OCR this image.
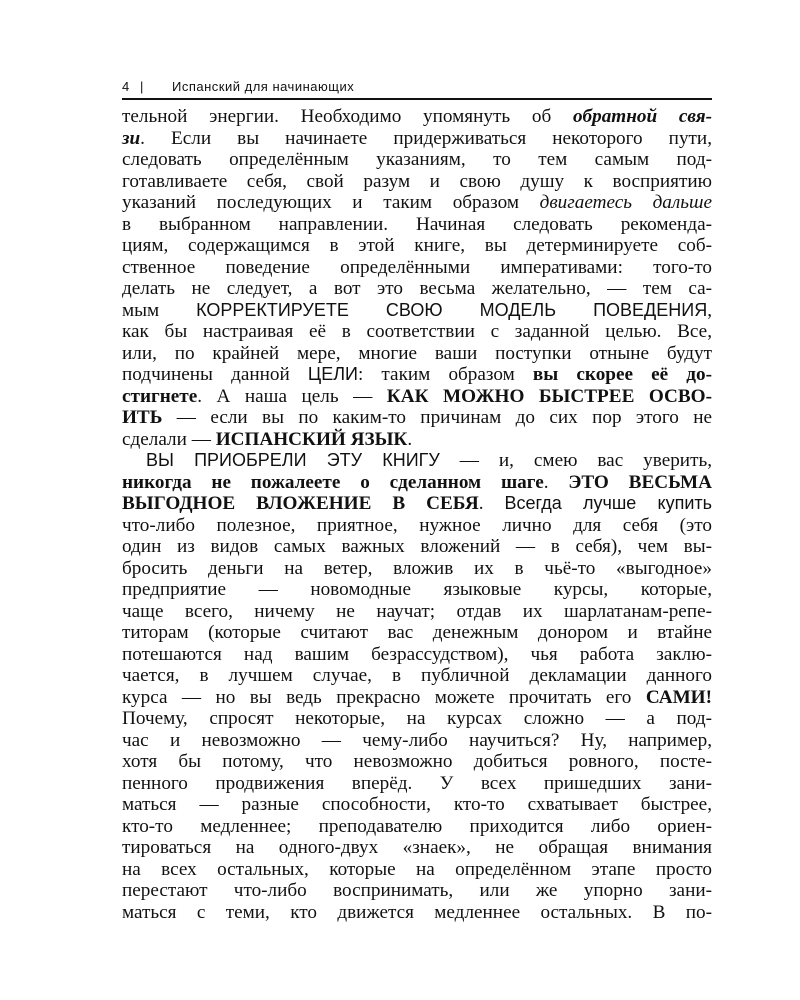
4 |	Испанский для начинающих
тельной энергии. Необходимо упомянуть об обратной свя-
зи. Если вы начинаете придерживаться некоторого пути,
следовать определённым указаниям, то тем самым под-
готавливаете себя, свой разум и свою душу к восприятию
указаний последующих и таким образом двигаетесь дальше
в выбранном направлении. Начиная следовать рекоменда-
циям, содержащимся в этой книге, вы детерминируете соб-
ственное поведение определёнными императивами: того-то
делать не следует, а вот это весьма желательно, — тем са-
мым КОРРЕКТИРУЕТЕ СВОЮ МОДЕЛЬ ПОВЕДЕНИЯ,
как бы настраивая её в соответствии с заданной целью. Все,
или, по крайней мере, многие ваши поступки отныне будут
подчинены данной ЦЕЛИ: таким образом вы скорее её до-
стигнете. А наша цель — КАК МОЖНО БЫСТРЕЕ ОСВО-
ИТЬ — если вы по каким-то причинам до сих пор этого не
сделали — ИСПАНСКИЙ ЯЗЫК.
ВЫ ПРИОБРЕЛИ ЭТУ КНИГУ — и, смею вас уверить,
никогда не пожалеете о сделанном шаге. ЭТО ВЕСЬМА
ВЫГОДНОЕ ВЛОЖЕНИЕ В СЕБЯ. Всегда лучше купить
что-либо полезное, приятное, нужное лично для себя (это
один из видов самых важных вложений — в себя), чем вы-
бросить деньги на ветер, вложив их в чьё-то «выгодное»
предприятие — новомодные языковые курсы, которые,
чаще всего, ничему не научат; отдав их шарлатанам-репе-
титорам (которые считают вас денежным донором и втайне
потешаются над вашим безрассудством), чья работа заклю-
чается, в лучшем случае, в публичной декламации данного
курса — но вы ведь прекрасно можете прочитать его САМИ!
Почему, спросят некоторые, на курсах сложно — а под-
час и невозможно — чему-либо научиться? Ну, например,
хотя бы потому, что невозможно добиться ровного, посте-
пенного продвижения вперёд. У всех пришедших зани-
маться — разные способности, кто-то схватывает быстрее,
кто-то медленнее; преподавателю приходится либо ориен-
тироваться на одного-двух «знаек», не обращая внимания
на всех остальных, которые на определённом этапе просто
перестают что-либо воспринимать, или же упорно зани-
маться с теми, кто движется медленнее остальных. В по-
